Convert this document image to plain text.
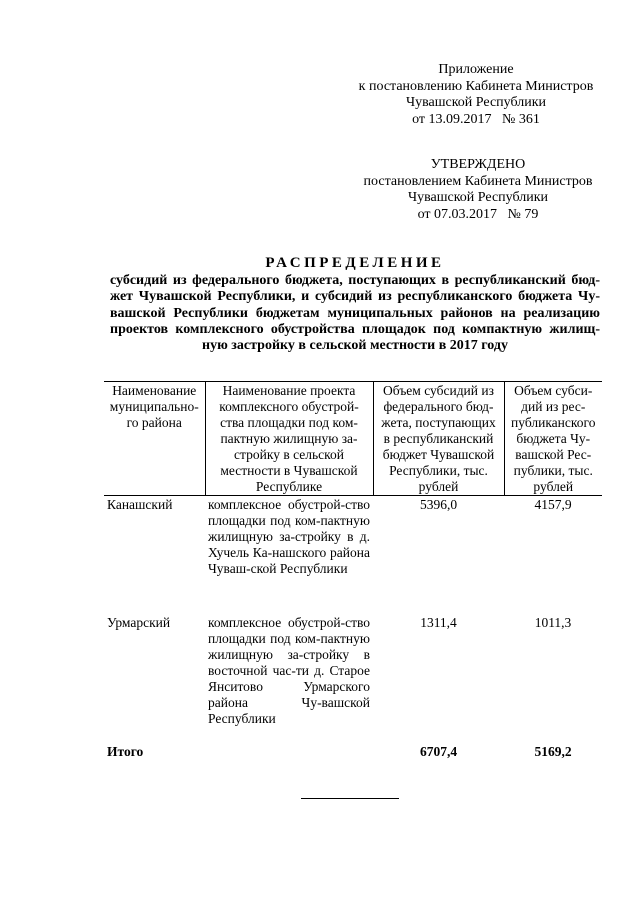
Приложение
к постановлению Кабинета Министров
Чувашской Республики
от 13.09.2017   № 361
УТВЕРЖДЕНО
постановлением Кабинета Министров
Чувашской Республики
от 07.03.2017   № 79
РАСПРЕДЕЛЕНИЕ
субсидий из федерального бюджета, поступающих в республиканский бюд-
жет Чувашской Республики, и субсидий из республиканского бюджета Чу-
вашской Республики бюджетам муниципальных районов на реализацию
проектов комплексного обустройства площадок под компактную жилищ-
ную застройку в сельской местности в 2017 году
Наименование муниципально-го района	Наименование проекта комплексного обустрой-ства площадки под ком-пактную жилищную за-стройку в сельской местности в Чувашской Республике	Объем субсидий из федерального бюд-жета, поступающих в республиканский бюджет Чувашской Республики, тыс. рублей	Объем субси-дий из рес-публиканского бюджета Чу-вашской Рес-публики, тыс. рублей
Канашский	комплексное обустрой-ство площадки под ком-пактную жилищную за-стройку в д. Хучель Ка-нашского района Чуваш-ской Республики	5396,0	4157,9
Урмарский	комплексное обустрой-ство площадки под ком-пактную жилищную за-стройку в восточной час-ти д. Старое Янситово Урмарского района Чу-вашской Республики	1311,4	1011,3
Итого		6707,4	5169,2
